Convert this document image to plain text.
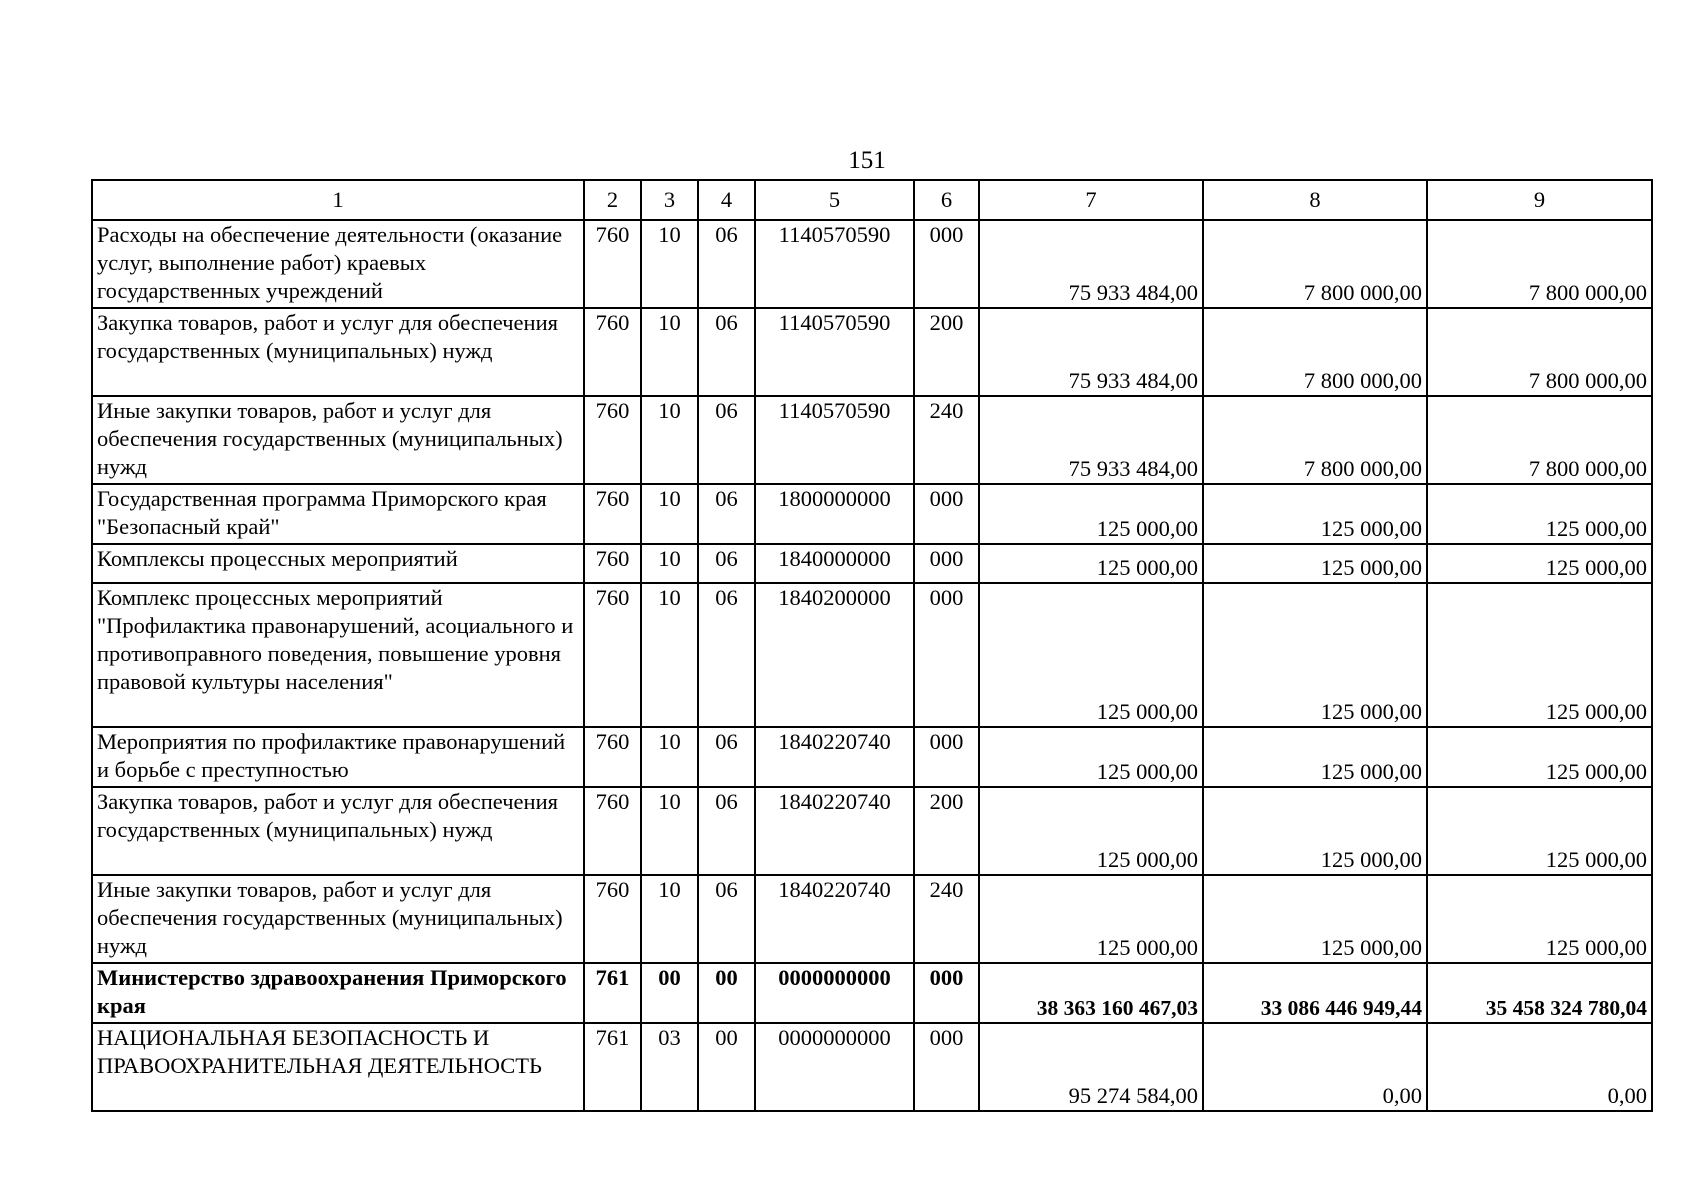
151
1	2	3	4	5	6	7	8	9
Расходы на обеспечение деятельности (оказание услуг, выполнение работ) краевых государственных учреждений	760	10	06	1140570590	000	75 933 484,00	7 800 000,00	7 800 000,00
Закупка товаров, работ и услуг для обеспечения государственных (муниципальных) нужд	760	10	06	1140570590	200	75 933 484,00	7 800 000,00	7 800 000,00
Иные закупки товаров, работ и услуг для обеспечения государственных (муниципальных) нужд	760	10	06	1140570590	240	75 933 484,00	7 800 000,00	7 800 000,00
Государственная программа Приморского края "Безопасный край"	760	10	06	1800000000	000	125 000,00	125 000,00	125 000,00
Комплексы процессных мероприятий	760	10	06	1840000000	000	125 000,00	125 000,00	125 000,00
Комплекс процессных мероприятий "Профилактика правонарушений, асоциального и противоправного поведения, повышение уровня правовой культуры населения"	760	10	06	1840200000	000	125 000,00	125 000,00	125 000,00
Мероприятия по профилактике правонарушений и борьбе с преступностью	760	10	06	1840220740	000	125 000,00	125 000,00	125 000,00
Закупка товаров, работ и услуг для обеспечения государственных (муниципальных) нужд	760	10	06	1840220740	200	125 000,00	125 000,00	125 000,00
Иные закупки товаров, работ и услуг для обеспечения государственных (муниципальных) нужд	760	10	06	1840220740	240	125 000,00	125 000,00	125 000,00
Министерство здравоохранения Приморского края	761	00	00	0000000000	000	38 363 160 467,03	33 086 446 949,44	35 458 324 780,04
НАЦИОНАЛЬНАЯ БЕЗОПАСНОСТЬ И ПРАВООХРАНИТЕЛЬНАЯ ДЕЯТЕЛЬНОСТЬ	761	03	00	0000000000	000	95 274 584,00	0,00	0,00
